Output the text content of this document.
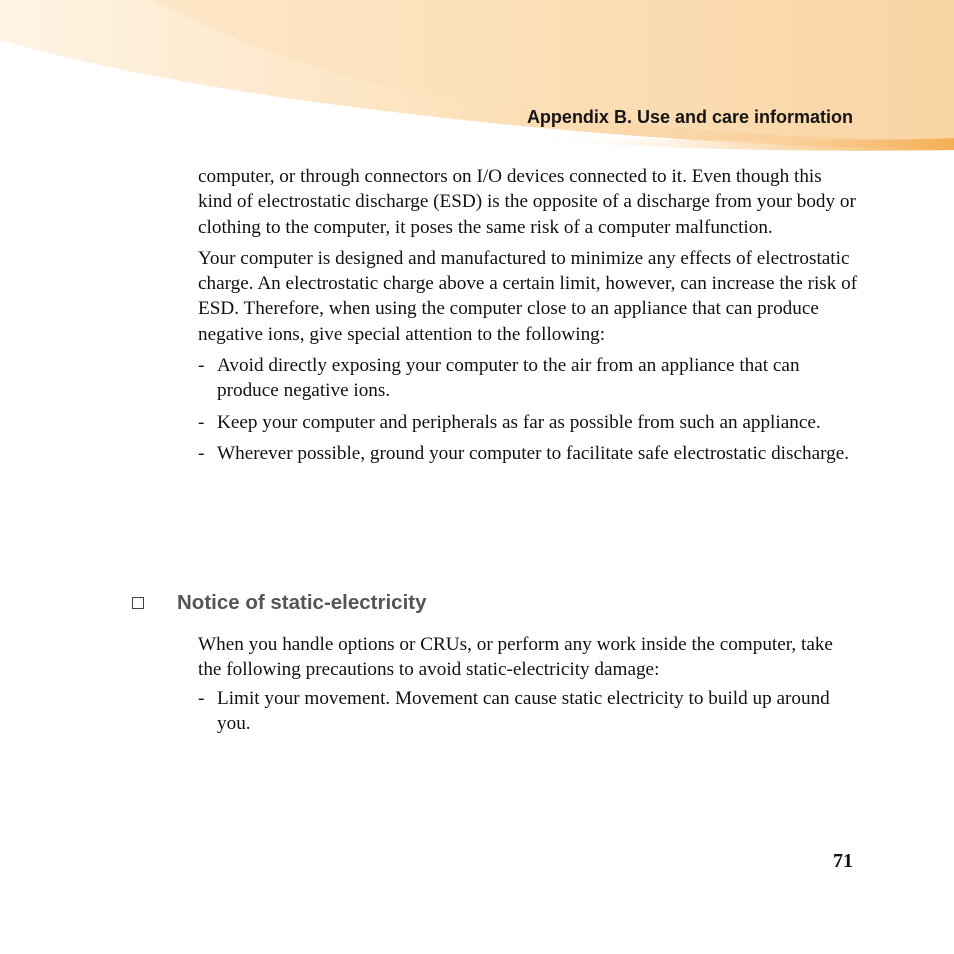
Appendix B. Use and care information

computer, or through connectors on I/O devices connected to it. Even though this kind of electrostatic discharge (ESD) is the opposite of a discharge from your body or clothing to the computer, it poses the same risk of a computer malfunction.

Your computer is designed and manufactured to minimize any effects of electrostatic charge. An electrostatic charge above a certain limit, however, can increase the risk of ESD. Therefore, when using the computer close to an appliance that can produce negative ions, give special attention to the following:

- Avoid directly exposing your computer to the air from an appliance that can produce negative ions.
- Keep your computer and peripherals as far as possible from such an appliance.
- Wherever possible, ground your computer to facilitate safe electrostatic discharge.
Notice of static-electricity

When you handle options or CRUs, or perform any work inside the computer, take the following precautions to avoid static-electricity damage:

- Limit your movement. Movement can cause static electricity to build up around you.
71
